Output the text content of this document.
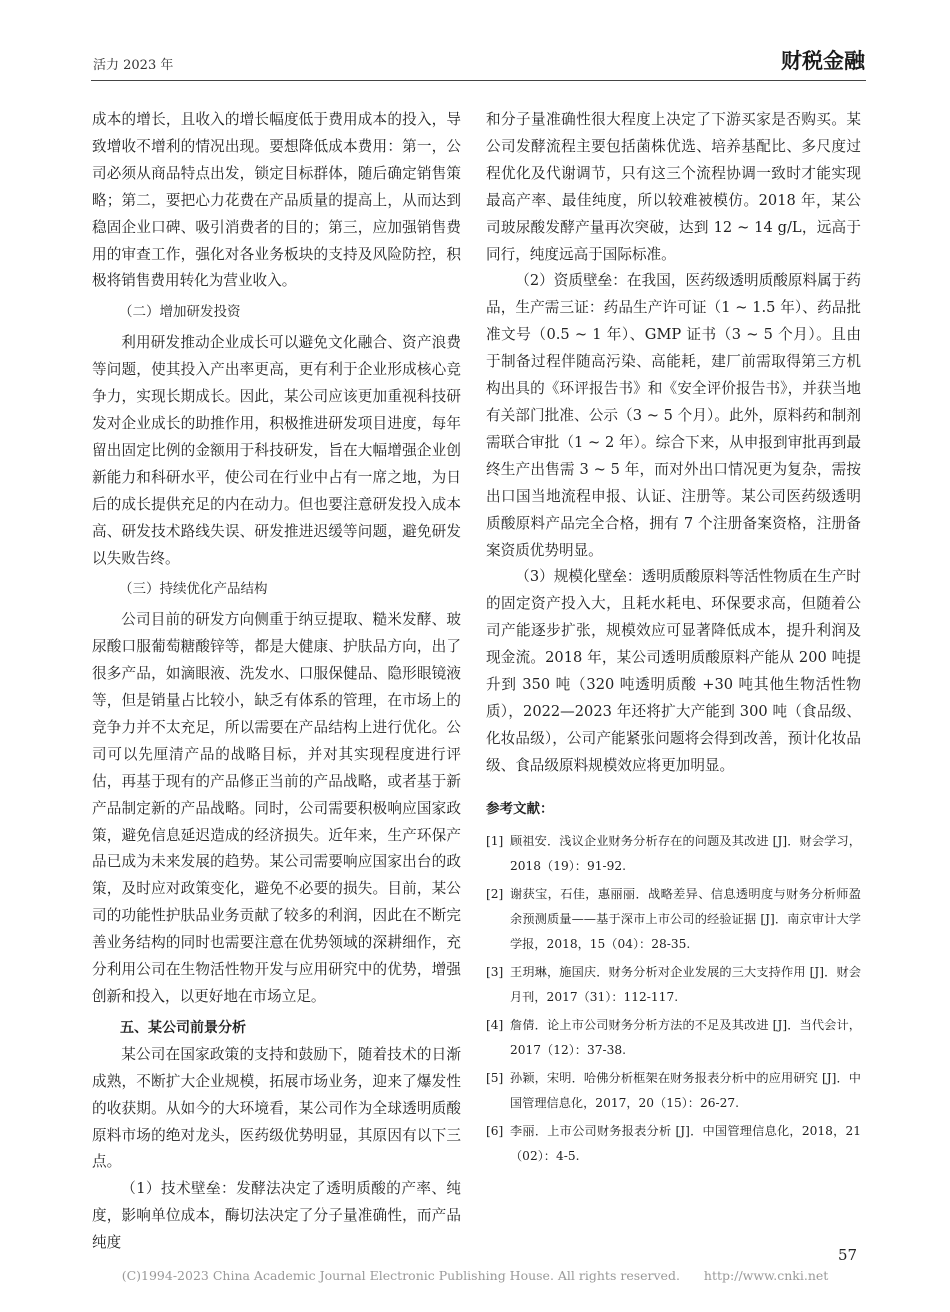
活力 2023 年	财税金融

成本的增长，且收入的增长幅度低于费用成本的投入，导致增收不增利的情况出现。要想降低成本费用：第一，公司必须从商品特点出发，锁定目标群体，随后确定销售策略；第二，要把心力花费在产品质量的提高上，从而达到稳固企业口碑、吸引消费者的目的；第三，应加强销售费用的审查工作，强化对各业务板块的支持及风险防控，积极将销售费用转化为营业收入。

（二）增加研发投资

利用研发推动企业成长可以避免文化融合、资产浪费等问题，使其投入产出率更高，更有利于企业形成核心竞争力，实现长期成长。因此，某公司应该更加重视科技研发对企业成长的助推作用，积极推进研发项目进度，每年留出固定比例的金额用于科技研发，旨在大幅增强企业创新能力和科研水平，使公司在行业中占有一席之地，为日后的成长提供充足的内在动力。但也要注意研发投入成本高、研发技术路线失误、研发推进迟缓等问题，避免研发以失败告终。

（三）持续优化产品结构

公司目前的研发方向侧重于纳豆提取、糙米发酵、玻尿酸口服葡萄糖酸锌等，都是大健康、护肤品方向，出了很多产品，如滴眼液、洗发水、口服保健品、隐形眼镜液等，但是销量占比较小，缺乏有体系的管理，在市场上的竞争力并不太充足，所以需要在产品结构上进行优化。公司可以先厘清产品的战略目标，并对其实现程度进行评估，再基于现有的产品修正当前的产品战略，或者基于新产品制定新的产品战略。同时，公司需要积极响应国家政策，避免信息延迟造成的经济损失。近年来，生产环保产品已成为未来发展的趋势。某公司需要响应国家出台的政策，及时应对政策变化，避免不必要的损失。目前，某公司的功能性护肤品业务贡献了较多的利润，因此在不断完善业务结构的同时也需要注意在优势领域的深耕细作，充分利用公司在生物活性物开发与应用研究中的优势，增强创新和投入，以更好地在市场立足。

五、某公司前景分析

某公司在国家政策的支持和鼓励下，随着技术的日渐成熟，不断扩大企业规模，拓展市场业务，迎来了爆发性的收获期。从如今的大环境看，某公司作为全球透明质酸原料市场的绝对龙头，医药级优势明显，其原因有以下三点。

（1）技术壁垒：发酵法决定了透明质酸的产率、纯度，影响单位成本，酶切法决定了分子量准确性，而产品纯度

和分子量准确性很大程度上决定了下游买家是否购买。某公司发酵流程主要包括菌株优选、培养基配比、多尺度过程优化及代谢调节，只有这三个流程协调一致时才能实现最高产率、最佳纯度，所以较难被模仿。2018 年，某公司玻尿酸发酵产量再次突破，达到 12 ~ 14 g/L，远高于同行，纯度远高于国际标准。

（2）资质壁垒：在我国，医药级透明质酸原料属于药品，生产需三证：药品生产许可证（1 ~ 1.5 年）、药品批准文号（0.5 ~ 1 年）、GMP 证书（3 ~ 5 个月）。且由于制备过程伴随高污染、高能耗，建厂前需取得第三方机构出具的《环评报告书》和《安全评价报告书》，并获当地有关部门批准、公示（3 ~ 5 个月）。此外，原料药和制剂需联合审批（1 ~ 2 年）。综合下来，从申报到审批再到最终生产出售需 3 ~ 5 年，而对外出口情况更为复杂，需按出口国当地流程申报、认证、注册等。某公司医药级透明质酸原料产品完全合格，拥有 7 个注册备案资格，注册备案资质优势明显。

（3）规模化壁垒：透明质酸原料等活性物质在生产时的固定资产投入大，且耗水耗电、环保要求高，但随着公司产能逐步扩张，规模效应可显著降低成本，提升利润及现金流。2018 年，某公司透明质酸原料产能从 200 吨提升到 350 吨（320 吨透明质酸 +30 吨其他生物活性物质），2022—2023 年还将扩大产能到 300 吨（食品级、化妆品级），公司产能紧张问题将会得到改善，预计化妆品级、食品级原料规模效应将更加明显。

参考文献：
[1] 顾祖安．浅议企业财务分析存在的问题及其改进 [J]．财会学习，2018（19）：91-92.
[2] 谢获宝，石佳，惠丽丽．战略差异、信息透明度与财务分析师盈余预测质量——基于深市上市公司的经验证据 [J]．南京审计大学学报，2018，15（04）：28-35.
[3] 王玥琳，施国庆．财务分析对企业发展的三大支持作用 [J]．财会月刊，2017（31）：112-117.
[4] 詹倩．论上市公司财务分析方法的不足及其改进 [J]．当代会计，2017（12）：37-38.
[5] 孙颖，宋明．哈佛分析框架在财务报表分析中的应用研究 [J]．中国管理信息化，2017，20（15）：26-27.
[6] 李丽．上市公司财务报表分析 [J]．中国管理信息化，2018，21（02）：4-5.
57
(C)1994-2023 China Academic Journal Electronic Publishing House. All rights reserved. http://www.cnki.net
